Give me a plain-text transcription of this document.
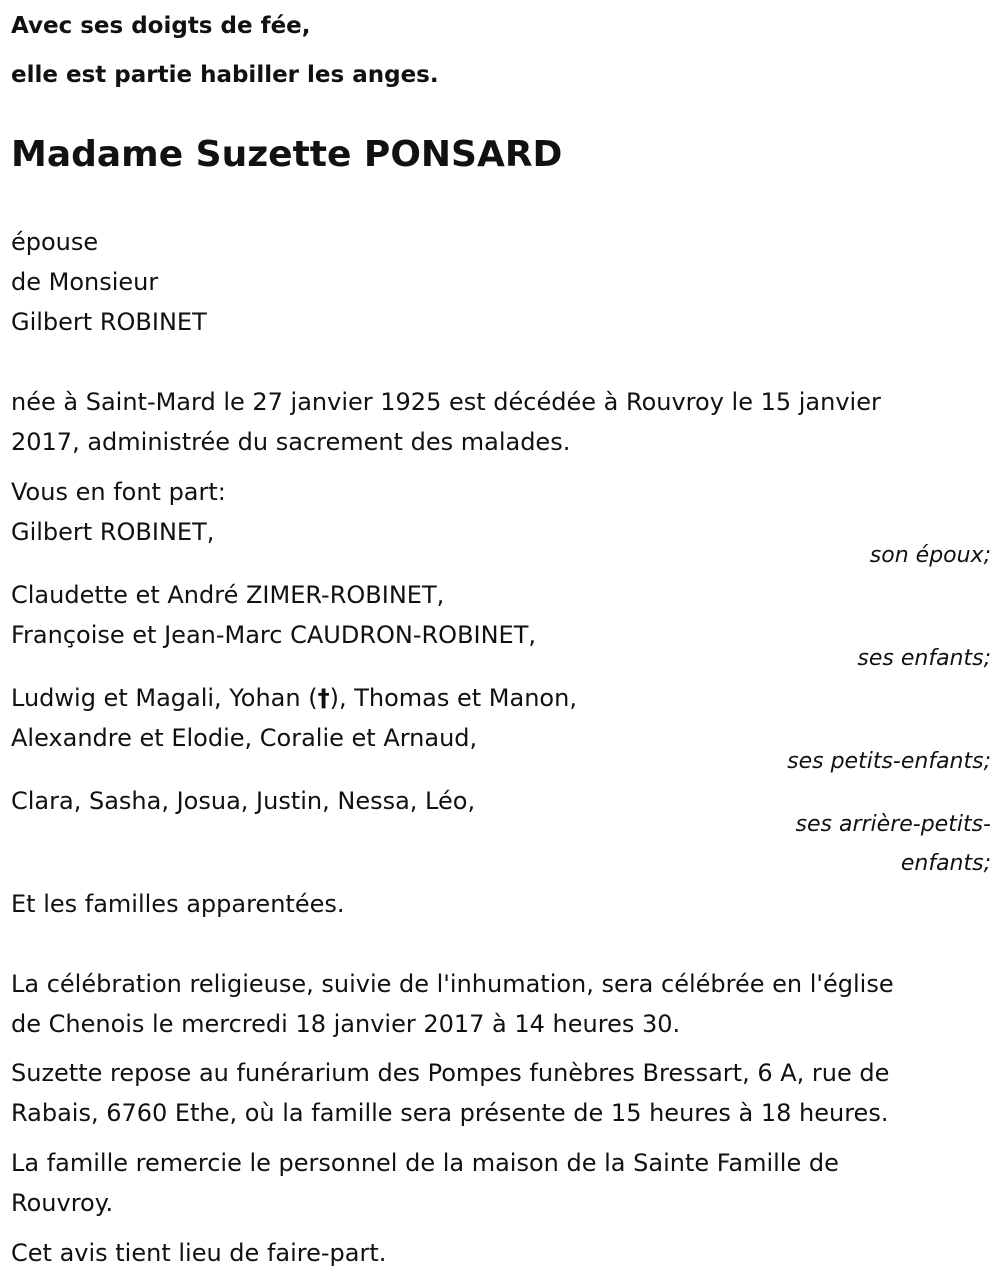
Avec ses doigts de fée,

elle est partie habiller les anges.

Madame Suzette PONSARD

épouse

de Monsieur

Gilbert ROBINET

née à Saint-Mard le 27 janvier 1925 est décédée à Rouvroy le 15 janvier

2017, administrée du sacrement des malades.

Vous en font part:

Gilbert ROBINET,

son époux;

Claudette et André ZIMER-ROBINET,

Françoise et Jean-Marc CAUDRON-ROBINET,

ses enfants;

Ludwig et Magali, Yohan (†), Thomas et Manon,

Alexandre et Elodie, Coralie et Arnaud,

ses petits-enfants;

Clara, Sasha, Josua, Justin, Nessa, Léo,

ses arrière-petits-

enfants;

Et les familles apparentées.

La célébration religieuse, suivie de l'inhumation, sera célébrée en l'église

de Chenois le mercredi 18 janvier 2017 à 14 heures 30.

Suzette repose au funérarium des Pompes funèbres Bressart, 6 A, rue de

Rabais, 6760 Ethe, où la famille sera présente de 15 heures à 18 heures.

La famille remercie le personnel de la maison de la Sainte Famille de

Rouvroy.

Cet avis tient lieu de faire-part.
